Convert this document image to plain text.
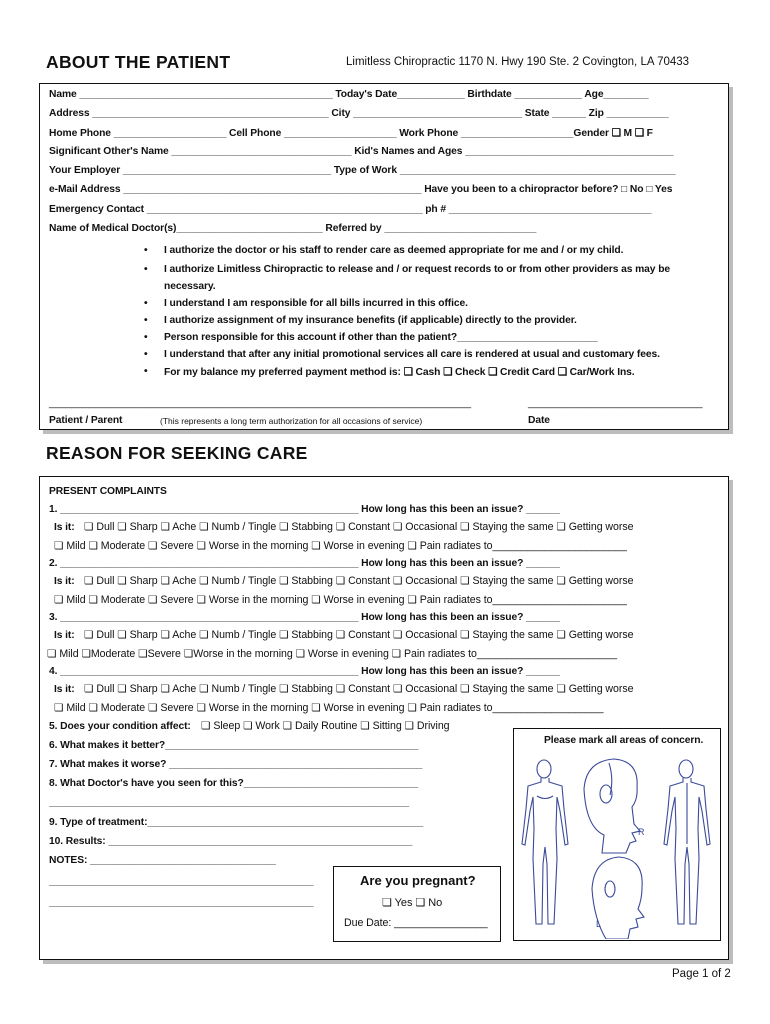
ABOUT THE PATIENT	Limitless Chiropractic 1170 N. Hwy 190 Ste. 2 Covington, LA 70433
Name _____________________________________________ Today's Date____________ Birthdate ____________ Age________
Address __________________________________________ City ______________________________ State ______ Zip ___________
Home Phone ____________________ Cell Phone ____________________ Work Phone ____________________Gender ❏ M ❏ F
Significant Other's Name ________________________________ Kid's Names and Ages _____________________________________
Your Employer _____________________________________ Type of Work _________________________________________________
e-Mail Address _____________________________________________________ Have you been to a chiropractor before? □ No □ Yes
Emergency Contact _________________________________________________ ph # ____________________________________
Name of Medical Doctor(s)__________________________ Referred by ___________________________
• I authorize the doctor or his staff to render care as deemed appropriate for me and / or my child.
• I authorize Limitless Chiropractic to release and / or request records to or from other providers as may be
necessary.
• I understand I am responsible for all bills incurred in this office.
• I authorize assignment of my insurance benefits (if applicable) directly to the provider.
• Person responsible for this account if other than the patient?_________________________
• I understand that after any initial promotional services all care is rendered at usual and customary fees.
• For my balance my preferred payment method is: ❏ Cash ❏ Check ❏ Credit Card ❏ Car/Work Ins.
___________________________________________________________________________	_______________________________
Patient / Parent	(This represents a long term authorization for all occasions of service)	Date
REASON FOR SEEKING CARE
PRESENT COMPLAINTS
1. _____________________________________________________ How long has this been an issue? ______
Is it: ❏ Dull ❏ Sharp ❏ Ache ❏ Numb / Tingle ❏ Stabbing ❏ Constant ❏ Occasional ❏ Staying the same ❏ Getting worse
❏ Mild ❏ Moderate ❏ Severe ❏ Worse in the morning ❏ Worse in evening ❏ Pain radiates to_______________________
2. _____________________________________________________ How long has this been an issue? ______
Is it: ❏ Dull ❏ Sharp ❏ Ache ❏ Numb / Tingle ❏ Stabbing ❏ Constant ❏ Occasional ❏ Staying the same ❏ Getting worse
❏ Mild ❏ Moderate ❏ Severe ❏ Worse in the morning ❏ Worse in evening ❏ Pain radiates to_______________________
3. _____________________________________________________ How long has this been an issue? ______
Is it: ❏ Dull ❏ Sharp ❏ Ache ❏ Numb / Tingle ❏ Stabbing ❏ Constant ❏ Occasional ❏ Staying the same ❏ Getting worse
❏ Mild ❏Moderate ❏Severe ❏Worse in the morning ❏ Worse in evening ❏ Pain radiates to________________________
4. _____________________________________________________ How long has this been an issue? ______
Is it: ❏ Dull ❏ Sharp ❏ Ache ❏ Numb / Tingle ❏ Stabbing ❏ Constant ❏ Occasional ❏ Staying the same ❏ Getting worse
❏ Mild ❏ Moderate ❏ Severe ❏ Worse in the morning ❏ Worse in evening ❏ Pain radiates to___________________
5. Does your condition affect: ❏ Sleep ❏ Work ❏ Daily Routine ❏ Sitting ❏ Driving
6. What makes it better?_____________________________________________
7. What makes it worse? _____________________________________________
8. What Doctor's have you seen for this?_______________________________
________________________________________________________________
9. Type of treatment:_________________________________________________
10. Results: ______________________________________________________
NOTES: _________________________________
_______________________________________________
_______________________________________________
Please mark all areas of concern.
R
L
Are you pregnant?
❏ Yes ❏ No
Due Date: ________________
Page 1 of 2
